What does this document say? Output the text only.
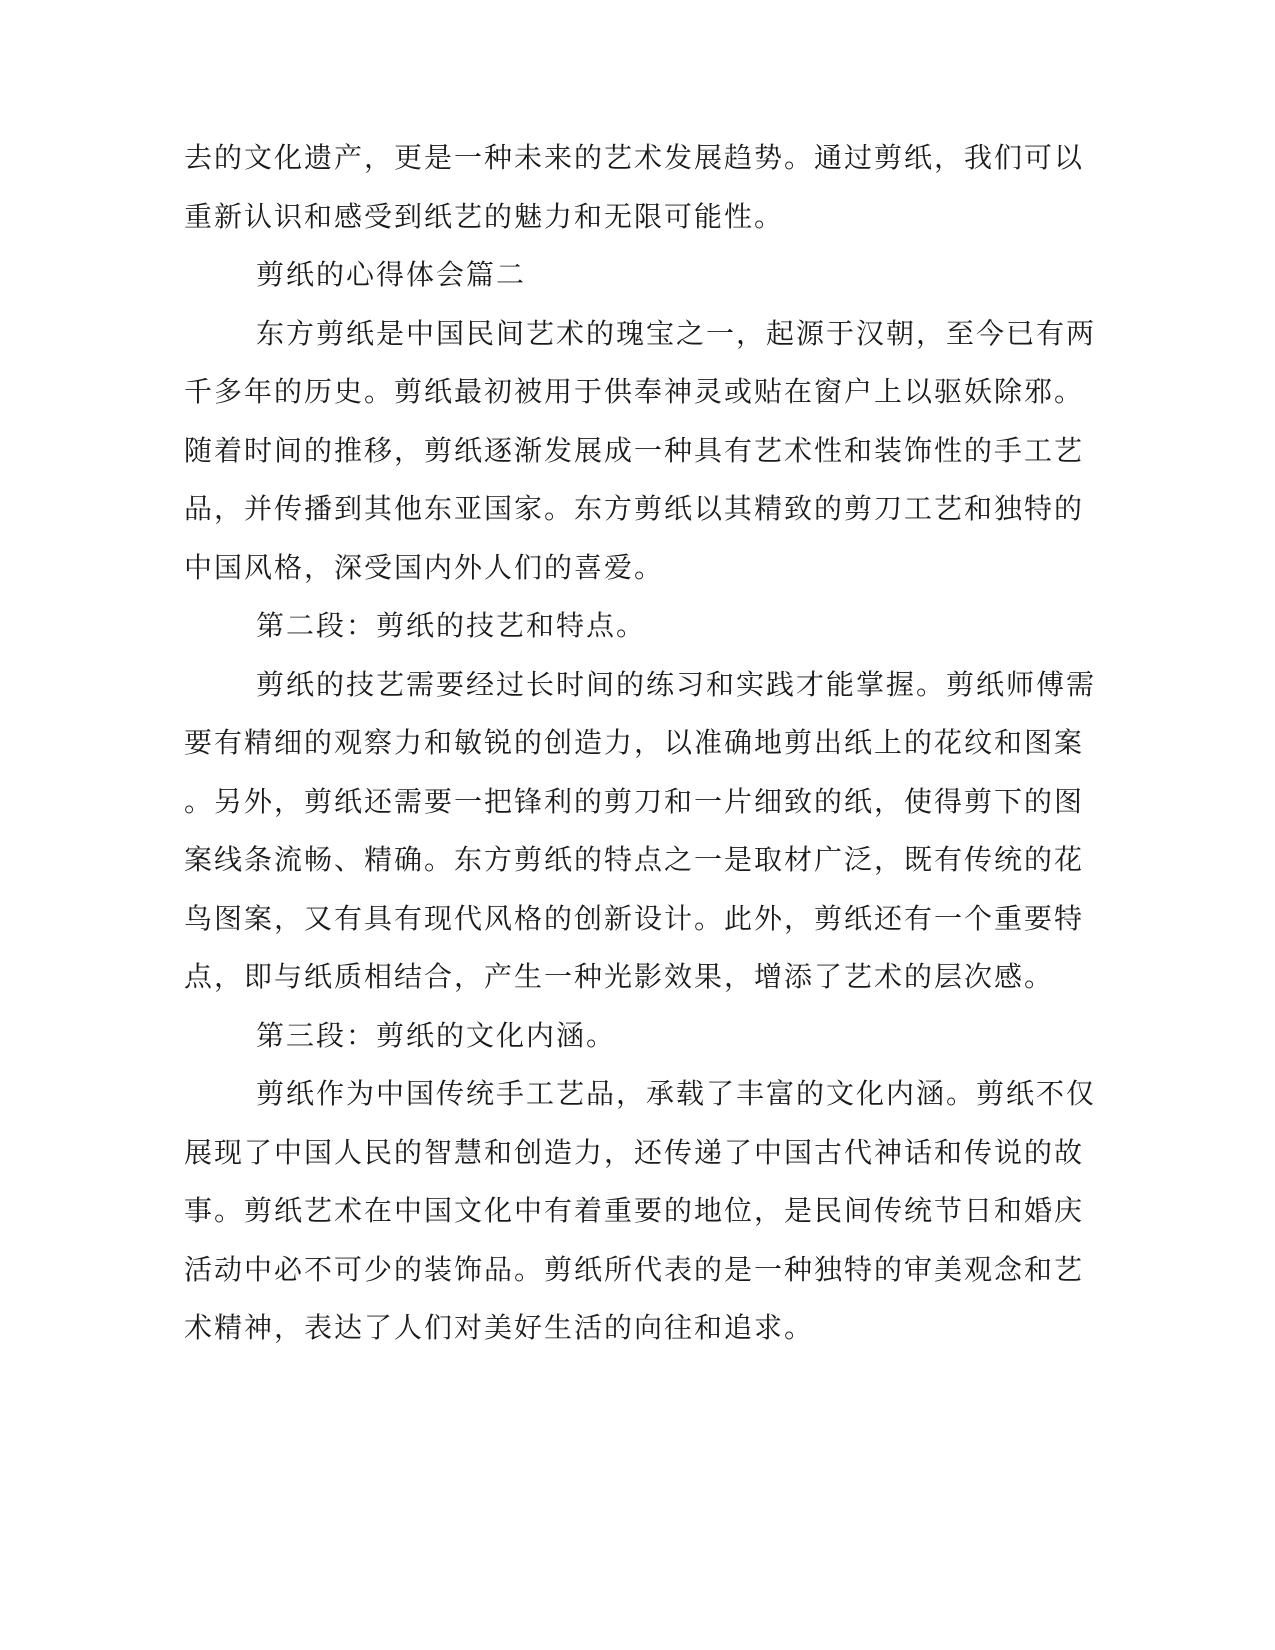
去的文化遗产，更是一种未来的艺术发展趋势。通过剪纸，我们可以
重新认识和感受到纸艺的魅力和无限可能性。
剪纸的心得体会篇二
东方剪纸是中国民间艺术的瑰宝之一，起源于汉朝，至今已有两
千多年的历史。剪纸最初被用于供奉神灵或贴在窗户上以驱妖除邪。
随着时间的推移，剪纸逐渐发展成一种具有艺术性和装饰性的手工艺
品，并传播到其他东亚国家。东方剪纸以其精致的剪刀工艺和独特的
中国风格，深受国内外人们的喜爱。
第二段：剪纸的技艺和特点。
剪纸的技艺需要经过长时间的练习和实践才能掌握。剪纸师傅需
要有精细的观察力和敏锐的创造力，以准确地剪出纸上的花纹和图案
。另外，剪纸还需要一把锋利的剪刀和一片细致的纸，使得剪下的图
案线条流畅、精确。东方剪纸的特点之一是取材广泛，既有传统的花
鸟图案，又有具有现代风格的创新设计。此外，剪纸还有一个重要特
点，即与纸质相结合，产生一种光影效果，增添了艺术的层次感。
第三段：剪纸的文化内涵。
剪纸作为中国传统手工艺品，承载了丰富的文化内涵。剪纸不仅
展现了中国人民的智慧和创造力，还传递了中国古代神话和传说的故
事。剪纸艺术在中国文化中有着重要的地位，是民间传统节日和婚庆
活动中必不可少的装饰品。剪纸所代表的是一种独特的审美观念和艺
术精神，表达了人们对美好生活的向往和追求。
